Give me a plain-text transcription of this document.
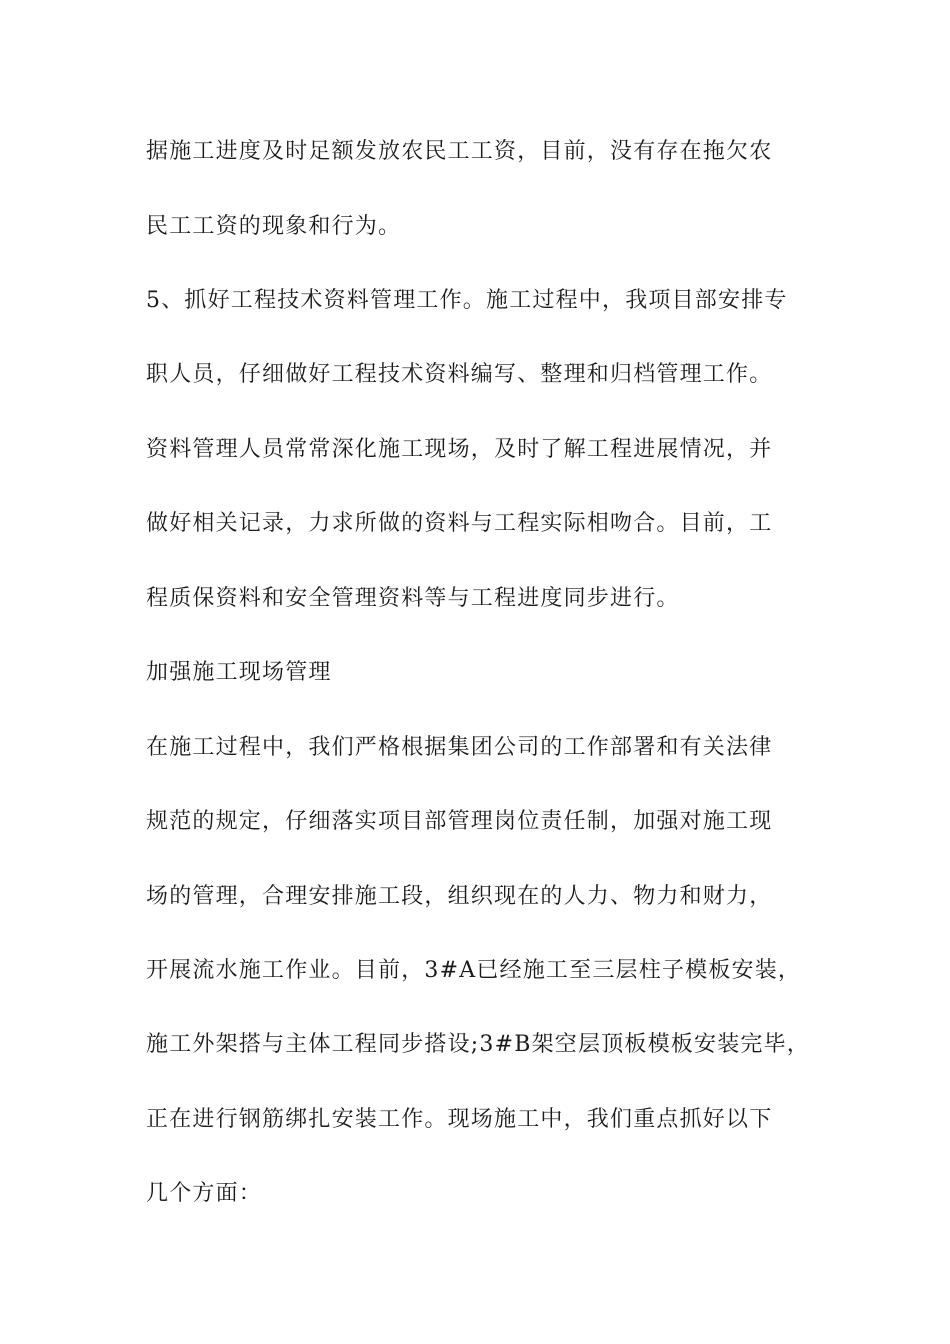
据施工进度及时足额发放农民工工资，目前，没有存在拖欠农
民工工资的现象和行为。
5、抓好工程技术资料管理工作。施工过程中，我项目部安排专
职人员，仔细做好工程技术资料编写、整理和归档管理工作。
资料管理人员常常深化施工现场，及时了解工程进展情况，并
做好相关记录，力求所做的资料与工程实际相吻合。目前，工
程质保资料和安全管理资料等与工程进度同步进行。
加强施工现场管理
在施工过程中，我们严格根据集团公司的工作部署和有关法律
规范的规定，仔细落实项目部管理岗位责任制，加强对施工现
场的管理，合理安排施工段，组织现在的人力、物力和财力，
开展流水施工作业。目前，3#A已经施工至三层柱子模板安装，
施工外架搭与主体工程同步搭设;3#B架空层顶板模板安装完毕，
正在进行钢筋绑扎安装工作。现场施工中，我们重点抓好以下
几个方面：
